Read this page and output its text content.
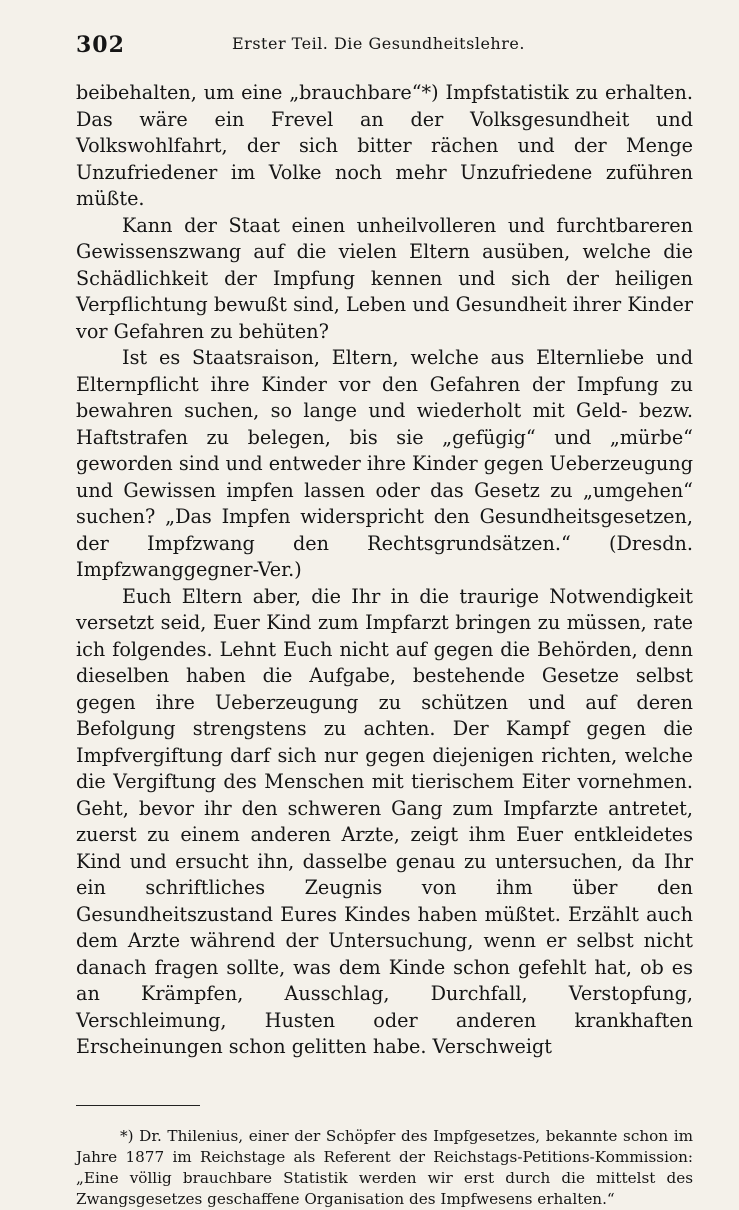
302	Erster Teil. Die Gesundheitslehre.

beibehalten, um eine „brauchbare“*) Impfstatistik zu erhalten. Das wäre ein Frevel an der Volksgesundheit und Volkswohlfahrt, der sich bitter rächen und der Menge Unzufriedener im Volke noch mehr Unzufriedene zuführen müßte.

Kann der Staat einen unheilvolleren und furchtbareren Gewissenszwang auf die vielen Eltern ausüben, welche die Schädlichkeit der Impfung kennen und sich der heiligen Verpflichtung bewußt sind, Leben und Gesundheit ihrer Kinder vor Gefahren zu behüten?

Ist es Staatsraison, Eltern, welche aus Elternliebe und Elternpflicht ihre Kinder vor den Gefahren der Impfung zu bewahren suchen, so lange und wiederholt mit Geld- bezw. Haftstrafen zu belegen, bis sie „gefügig“ und „mürbe“ geworden sind und entweder ihre Kinder gegen Ueberzeugung und Gewissen impfen lassen oder das Gesetz zu „umgehen“ suchen? „Das Impfen widerspricht den Gesundheitsgesetzen, der Impfzwang den Rechtsgrundsätzen.“ (Dresdn. Impfzwanggegner-Ver.)

Euch Eltern aber, die Ihr in die traurige Notwendigkeit versetzt seid, Euer Kind zum Impfarzt bringen zu müssen, rate ich folgendes. Lehnt Euch nicht auf gegen die Behörden, denn dieselben haben die Aufgabe, bestehende Gesetze selbst gegen ihre Ueberzeugung zu schützen und auf deren Befolgung strengstens zu achten. Der Kampf gegen die Impfvergiftung darf sich nur gegen diejenigen richten, welche die Vergiftung des Menschen mit tierischem Eiter vornehmen. Geht, bevor ihr den schweren Gang zum Impfarzte antretet, zuerst zu einem anderen Arzte, zeigt ihm Euer entkleidetes Kind und ersucht ihn, dasselbe genau zu untersuchen, da Ihr ein schriftliches Zeugnis von ihm über den Gesundheitszustand Eures Kindes haben müßtet. Erzählt auch dem Arzte während der Untersuchung, wenn er selbst nicht danach fragen sollte, was dem Kinde schon gefehlt hat, ob es an Krämpfen, Ausschlag, Durchfall, Verstopfung, Verschleimung, Husten oder anderen krankhaften Erscheinungen schon gelitten habe. Verschweigt

*) Dr. Thilenius, einer der Schöpfer des Impfgesetzes, bekannte schon im Jahre 1877 im Reichstage als Referent der Reichstags-Petitions-Kommission: „Eine völlig brauchbare Statistik werden wir erst durch die mittelst des Zwangsgesetzes geschaffene Organisation des Impfwesens erhalten.“
